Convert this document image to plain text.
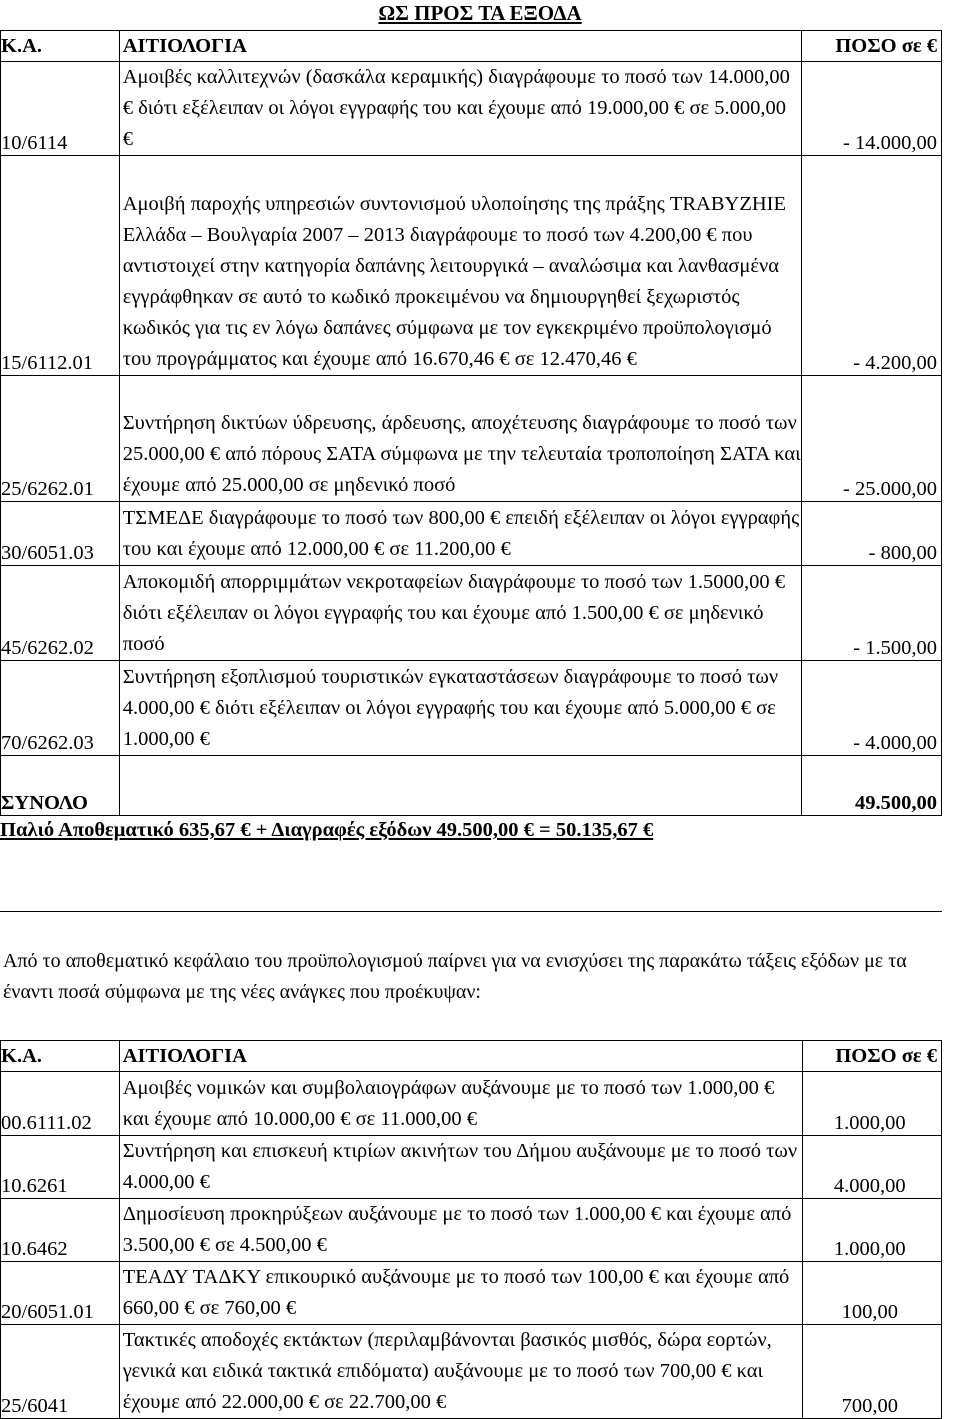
ΩΣ ΠΡΟΣ ΤΑ ΕΞΟΔΑ
Κ.Α.	ΑΙΤΙΟΛΟΓΙΑ	ΠΟΣΟ σε €
10/6114	Αμοιβές καλλιτεχνών (δασκάλα κεραμικής) διαγράφουμε το ποσό των 14.000,00 € διότι εξέλειπαν οι λόγοι εγγραφής του και έχουμε από 19.000,00 € σε 5.000,00 €	- 14.000,00
15/6112.01	Αμοιβή παροχής υπηρεσιών συντονισμού υλοποίησης της πράξης TRABYZHIE Ελλάδα – Βουλγαρία 2007 – 2013 διαγράφουμε το ποσό των 4.200,00 € που αντιστοιχεί στην κατηγορία δαπάνης λειτουργικά – αναλώσιμα και λανθασμένα εγγράφθηκαν σε αυτό το κωδικό προκειμένου να δημιουργηθεί ξεχωριστός κωδικός για τις εν λόγω δαπάνες σύμφωνα με τον εγκεκριμένο προϋπολογισμό του προγράμματος και έχουμε από 16.670,46 € σε 12.470,46 €	- 4.200,00
25/6262.01	Συντήρηση δικτύων ύδρευσης, άρδευσης, αποχέτευσης διαγράφουμε το ποσό των 25.000,00 € από πόρους ΣΑΤΑ σύμφωνα με την τελευταία τροποποίηση ΣΑΤΑ και έχουμε από 25.000,00 σε μηδενικό ποσό	- 25.000,00
30/6051.03	ΤΣΜΕΔΕ διαγράφουμε το ποσό των 800,00 € επειδή εξέλειπαν οι λόγοι εγγραφής του και έχουμε από 12.000,00 € σε 11.200,00 €	- 800,00
45/6262.02	Αποκομιδή απορριμμάτων νεκροταφείων διαγράφουμε το ποσό των 1.5000,00 € διότι εξέλειπαν οι λόγοι εγγραφής του και έχουμε από 1.500,00 € σε μηδενικό ποσό	- 1.500,00
70/6262.03	Συντήρηση εξοπλισμού τουριστικών εγκαταστάσεων διαγράφουμε το ποσό των 4.000,00 € διότι εξέλειπαν οι λόγοι εγγραφής του και έχουμε από 5.000,00 € σε 1.000,00 €	- 4.000,00
ΣΥΝΟΛΟ		49.500,00
Παλιό Αποθεματικό 635,67 € + Διαγραφές εξόδων 49.500,00 € = 50.135,67 €
Από το αποθεματικό κεφάλαιο του προϋπολογισμού παίρνει για να ενισχύσει της παρακάτω τάξεις εξόδων με τα έναντι ποσά σύμφωνα με της νέες ανάγκες που προέκυψαν:
Κ.Α.	ΑΙΤΙΟΛΟΓΙΑ	ΠΟΣΟ σε €
00.6111.02	Αμοιβές νομικών και συμβολαιογράφων αυξάνουμε με το ποσό των 1.000,00 € και έχουμε από 10.000,00 € σε 11.000,00 €	1.000,00
10.6261	Συντήρηση και επισκευή κτιρίων ακινήτων του Δήμου αυξάνουμε με το ποσό των 4.000,00 €	4.000,00
10.6462	Δημοσίευση προκηρύξεων αυξάνουμε με το ποσό των 1.000,00 € και έχουμε από 3.500,00 € σε 4.500,00 €	1.000,00
20/6051.01	ΤΕΑΔΥ ΤΑΔΚΥ επικουρικό αυξάνουμε με το ποσό των 100,00 € και έχουμε από 660,00 € σε 760,00 €	100,00
25/6041	Τακτικές αποδοχές εκτάκτων (περιλαμβάνονται βασικός μισθός, δώρα εορτών, γενικά και ειδικά τακτικά επιδόματα) αυξάνουμε με το ποσό των 700,00 € και έχουμε από 22.000,00 € σε 22.700,00 €	700,00
